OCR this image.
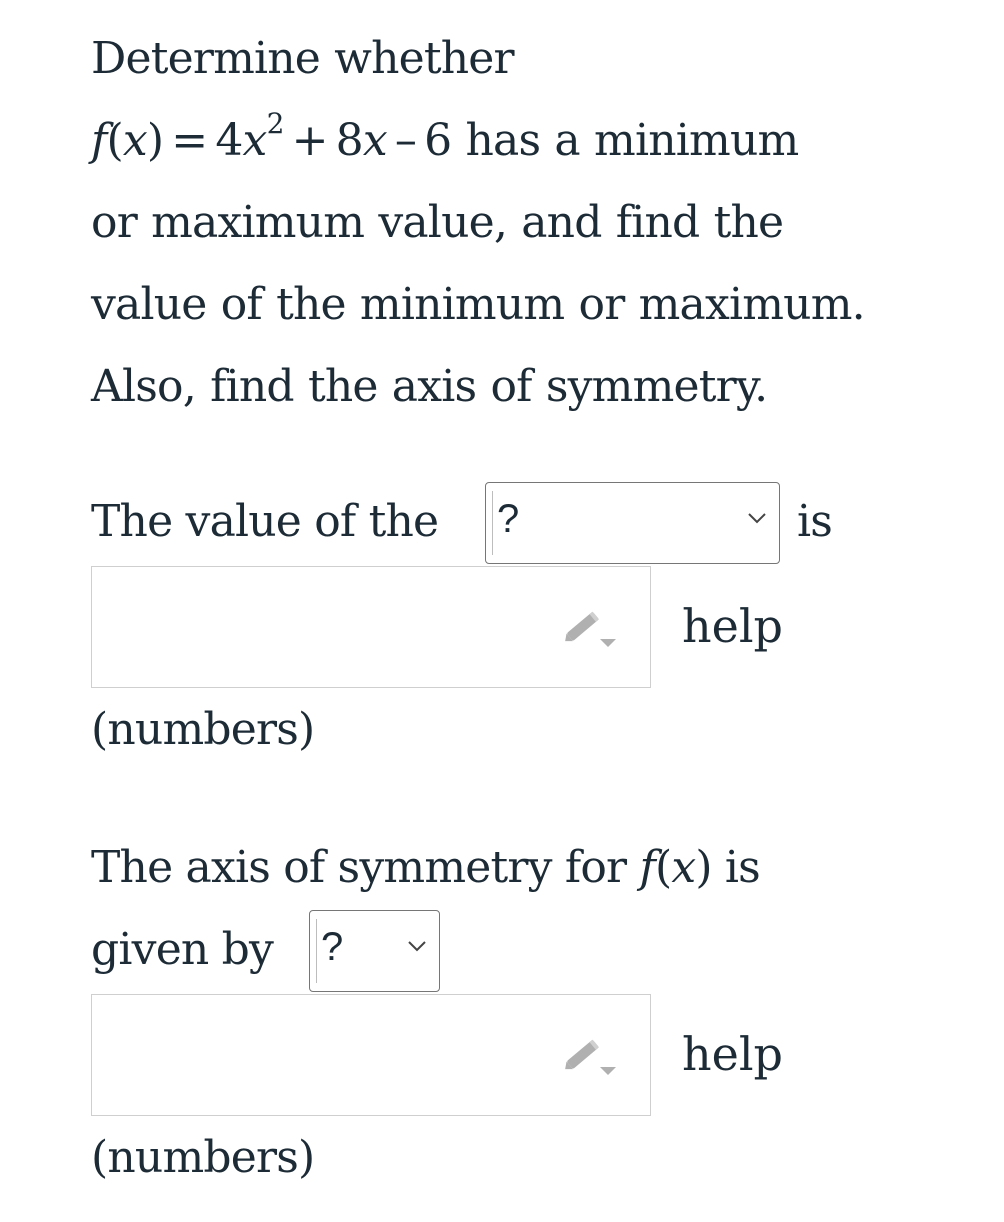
Determine whether
$f(x) = 4x^2 + 8x - 6$ has a minimum
or maximum value, and find the
value of the minimum or maximum.
Also, find the axis of symmetry.
The value of the ?	is
help
(numbers)
The axis of symmetry for f(x) is
given by ?
help
(numbers)
